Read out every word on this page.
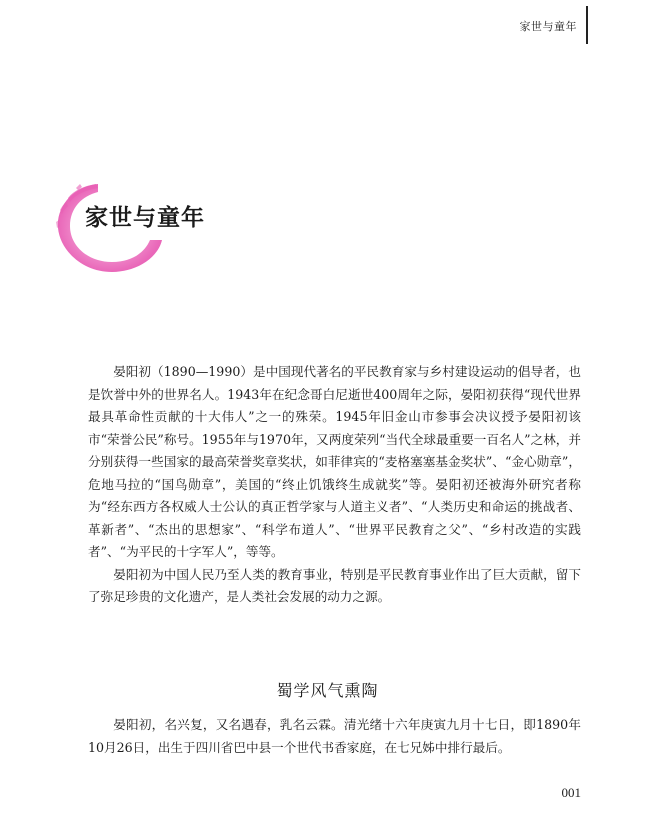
家世与童年
家世与童年

晏阳初（1890—1990）是中国现代著名的平民教育家与乡村建设运动的倡导者，也是饮誉中外的世界名人。1943年在纪念哥白尼逝世400周年之际，晏阳初获得“现代世界最具革命性贡献的十大伟人”之一的殊荣。1945年旧金山市参事会决议授予晏阳初该市“荣誉公民”称号。1955年与1970年，又两度荣列“当代全球最重要一百名人”之林，并分别获得一些国家的最高荣誉奖章奖状，如菲律宾的“麦格塞塞基金奖状”、“金心勋章”，危地马拉的“国鸟勋章”，美国的“终止饥饿终生成就奖”等。晏阳初还被海外研究者称为“经东西方各权威人士公认的真正哲学家与人道主义者”、“人类历史和命运的挑战者、革新者”、“杰出的思想家”、“科学布道人”、“世界平民教育之父”、“乡村改造的实践者”、“为平民的十字军人”，等等。

晏阳初为中国人民乃至人类的教育事业，特别是平民教育事业作出了巨大贡献，留下了弥足珍贵的文化遗产，是人类社会发展的动力之源。

蜀学风气熏陶

晏阳初，名兴复，又名遇春，乳名云霖。清光绪十六年庚寅九月十七日，即1890年10月26日，出生于四川省巴中县一个世代书香家庭，在七兄姊中排行最后。

001
